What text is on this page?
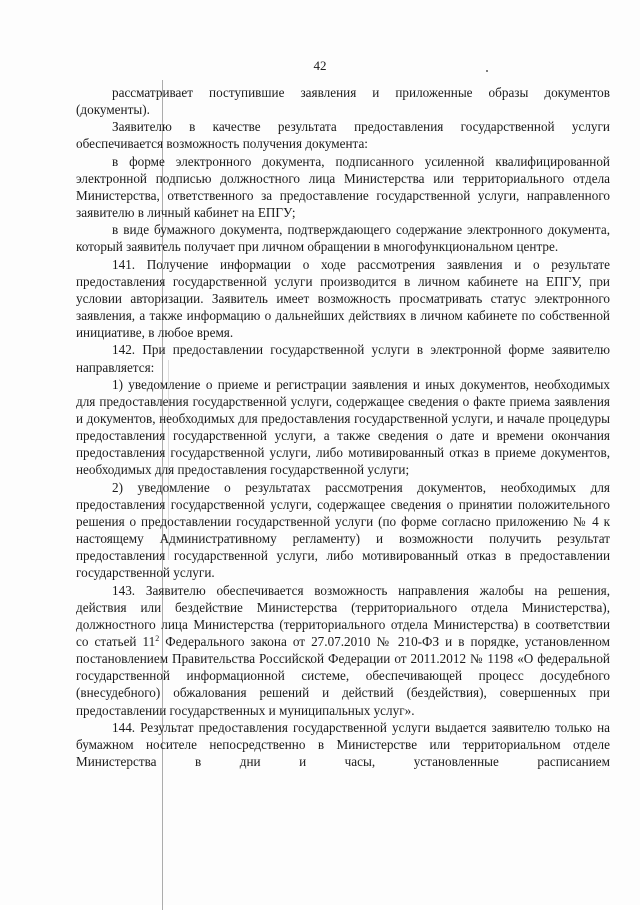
42

рассматривает поступившие заявления и приложенные образы документов (документы).

Заявителю в качестве результата предоставления государственной услуги обеспечивается возможность получения документа:

в форме электронного документа, подписанного усиленной квалифицированной электронной подписью должностного лица Министерства или территориального отдела Министерства, ответственного за предоставление государственной услуги, направленного заявителю в личный кабинет на ЕПГУ;

в виде бумажного документа, подтверждающего содержание электронного документа, который заявитель получает при личном обращении в многофункциональном центре.

141. Получение информации о ходе рассмотрения заявления и о результате предоставления государственной услуги производится в личном кабинете на ЕПГУ, при условии авторизации. Заявитель имеет возможность просматривать статус электронного заявления, а также информацию о дальнейших действиях в личном кабинете по собственной инициативе, в любое время.

142. При предоставлении государственной услуги в электронной форме заявителю направляется:

1) уведомление о приеме и регистрации заявления и иных документов, необходимых для предоставления государственной услуги, содержащее сведения о факте приема заявления и документов, необходимых для предоставления государственной услуги, и начале процедуры предоставления государственной услуги, а также сведения о дате и времени окончания предоставления государственной услуги, либо мотивированный отказ в приеме документов, необходимых для предоставления государственной услуги;

2) уведомление о результатах рассмотрения документов, необходимых для предоставления государственной услуги, содержащее сведения о принятии положительного решения о предоставлении государственной услуги (по форме согласно приложению № 4 к настоящему Административному регламенту) и возможности получить результат предоставления государственной услуги, либо мотивированный отказ в предоставлении государственной услуги.

143. Заявителю обеспечивается возможность направления жалобы на решения, действия или бездействие Министерства (территориального отдела Министерства), должностного лица Министерства (территориального отдела Министерства) в соответствии со статьей $11^2$ Федерального закона от 27.07.2010 № 210-ФЗ и в порядке, установленном постановлением Правительства Российской Федерации от 2011.2012 № 1198 «О федеральной государственной информационной системе, обеспечивающей процесс досудебного (внесудебного) обжалования решений и действий (бездействия), совершенных при предоставлении государственных и муниципальных услуг».

144. Результат предоставления государственной услуги выдается заявителю только на бумажном носителе непосредственно в Министерстве или территориальном отделе Министерства в дни и часы, установленные расписанием
